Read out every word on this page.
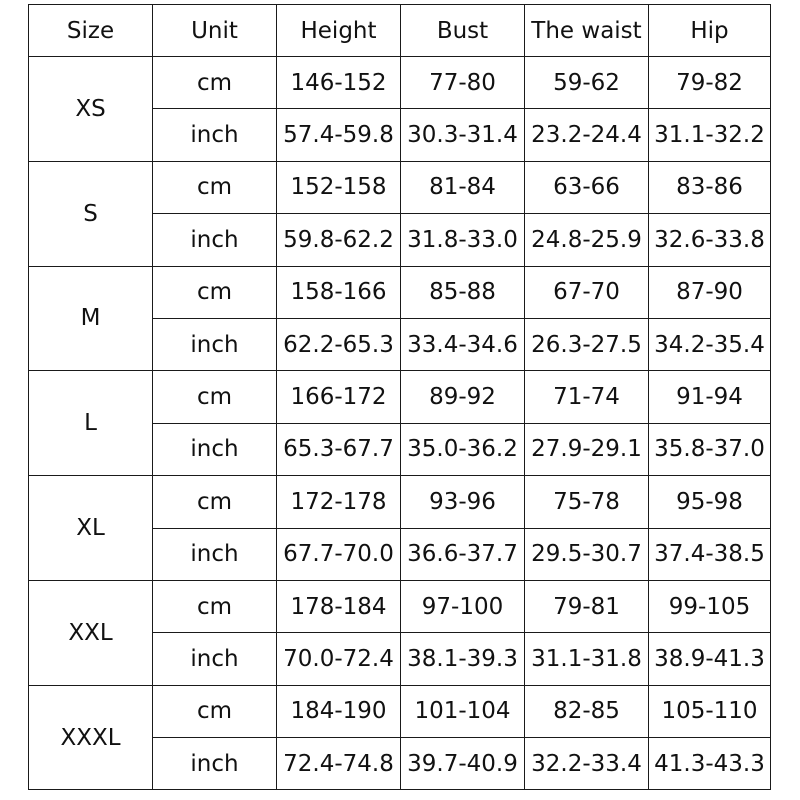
Size	Unit	Height	Bust	The waist	Hip
XS	cm	146-152	77-80	59-62	79-82
	inch	57.4-59.8	30.3-31.4	23.2-24.4	31.1-32.2
S	cm	152-158	81-84	63-66	83-86
	inch	59.8-62.2	31.8-33.0	24.8-25.9	32.6-33.8
M	cm	158-166	85-88	67-70	87-90
	inch	62.2-65.3	33.4-34.6	26.3-27.5	34.2-35.4
L	cm	166-172	89-92	71-74	91-94
	inch	65.3-67.7	35.0-36.2	27.9-29.1	35.8-37.0
XL	cm	172-178	93-96	75-78	95-98
	inch	67.7-70.0	36.6-37.7	29.5-30.7	37.4-38.5
XXL	cm	178-184	97-100	79-81	99-105
	inch	70.0-72.4	38.1-39.3	31.1-31.8	38.9-41.3
XXXL	cm	184-190	101-104	82-85	105-110
	inch	72.4-74.8	39.7-40.9	32.2-33.4	41.3-43.3
